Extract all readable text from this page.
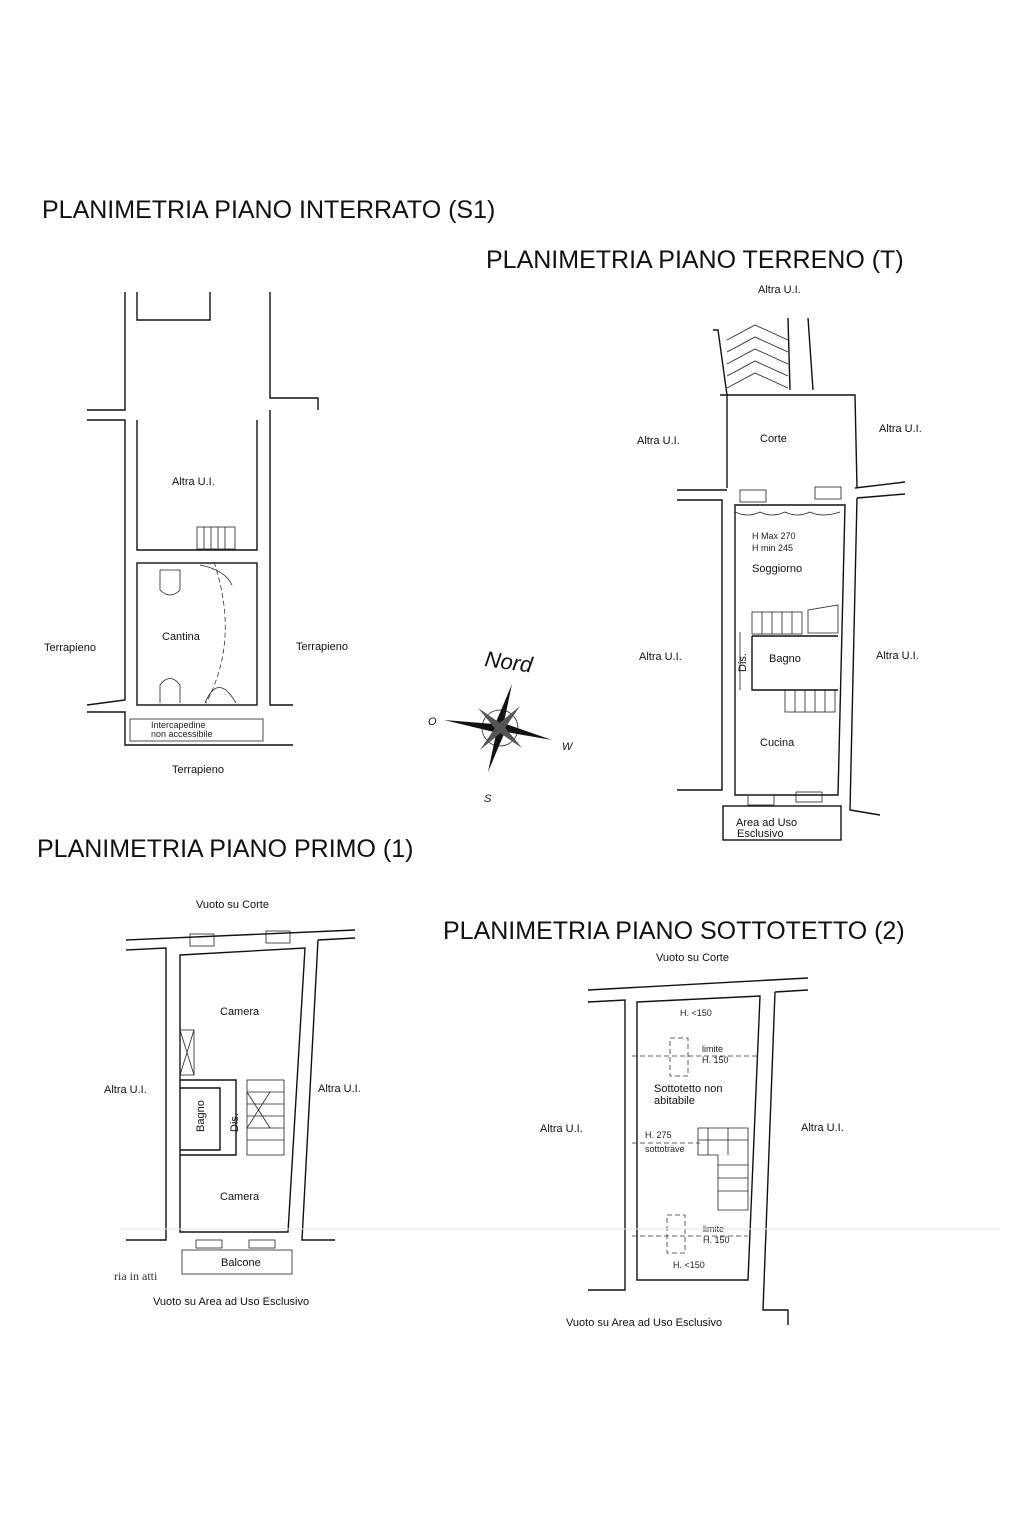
PLANIMETRIA PIANO INTERRATO (S1)
PLANIMETRIA PIANO TERRENO (T)
PLANIMETRIA PIANO PRIMO (1)
PLANIMETRIA PIANO SOTTOTETTO (2)
Altra U.I.
Cantina
Terrapieno	Terrapieno
Terrapieno
Intercapedine
non accessibile
Altra U.I.
Altra U.I.
Altra U.I.
Corte
H Max 270
H min 245
Soggiorno
Dis. Bagno
Cucina
Altra U.I.	Altra U.I.
Area ad Uso
Esclusivo
Nord
O
W
S
Vuoto su Corte
Camera
Altra U.I.	Altra U.I.
Bagno Dis.
Camera
Balcone
ria in atti
Vuoto su Area ad Uso Esclusivo
Vuoto su Corte
H. <150
limite
H. 150
Sottotetto non
abitabile
Altra U.I.	Altra U.I.
H. 275
sottotrave
limite
H. 150
H. <150
Vuoto su Area ad Uso Esclusivo
